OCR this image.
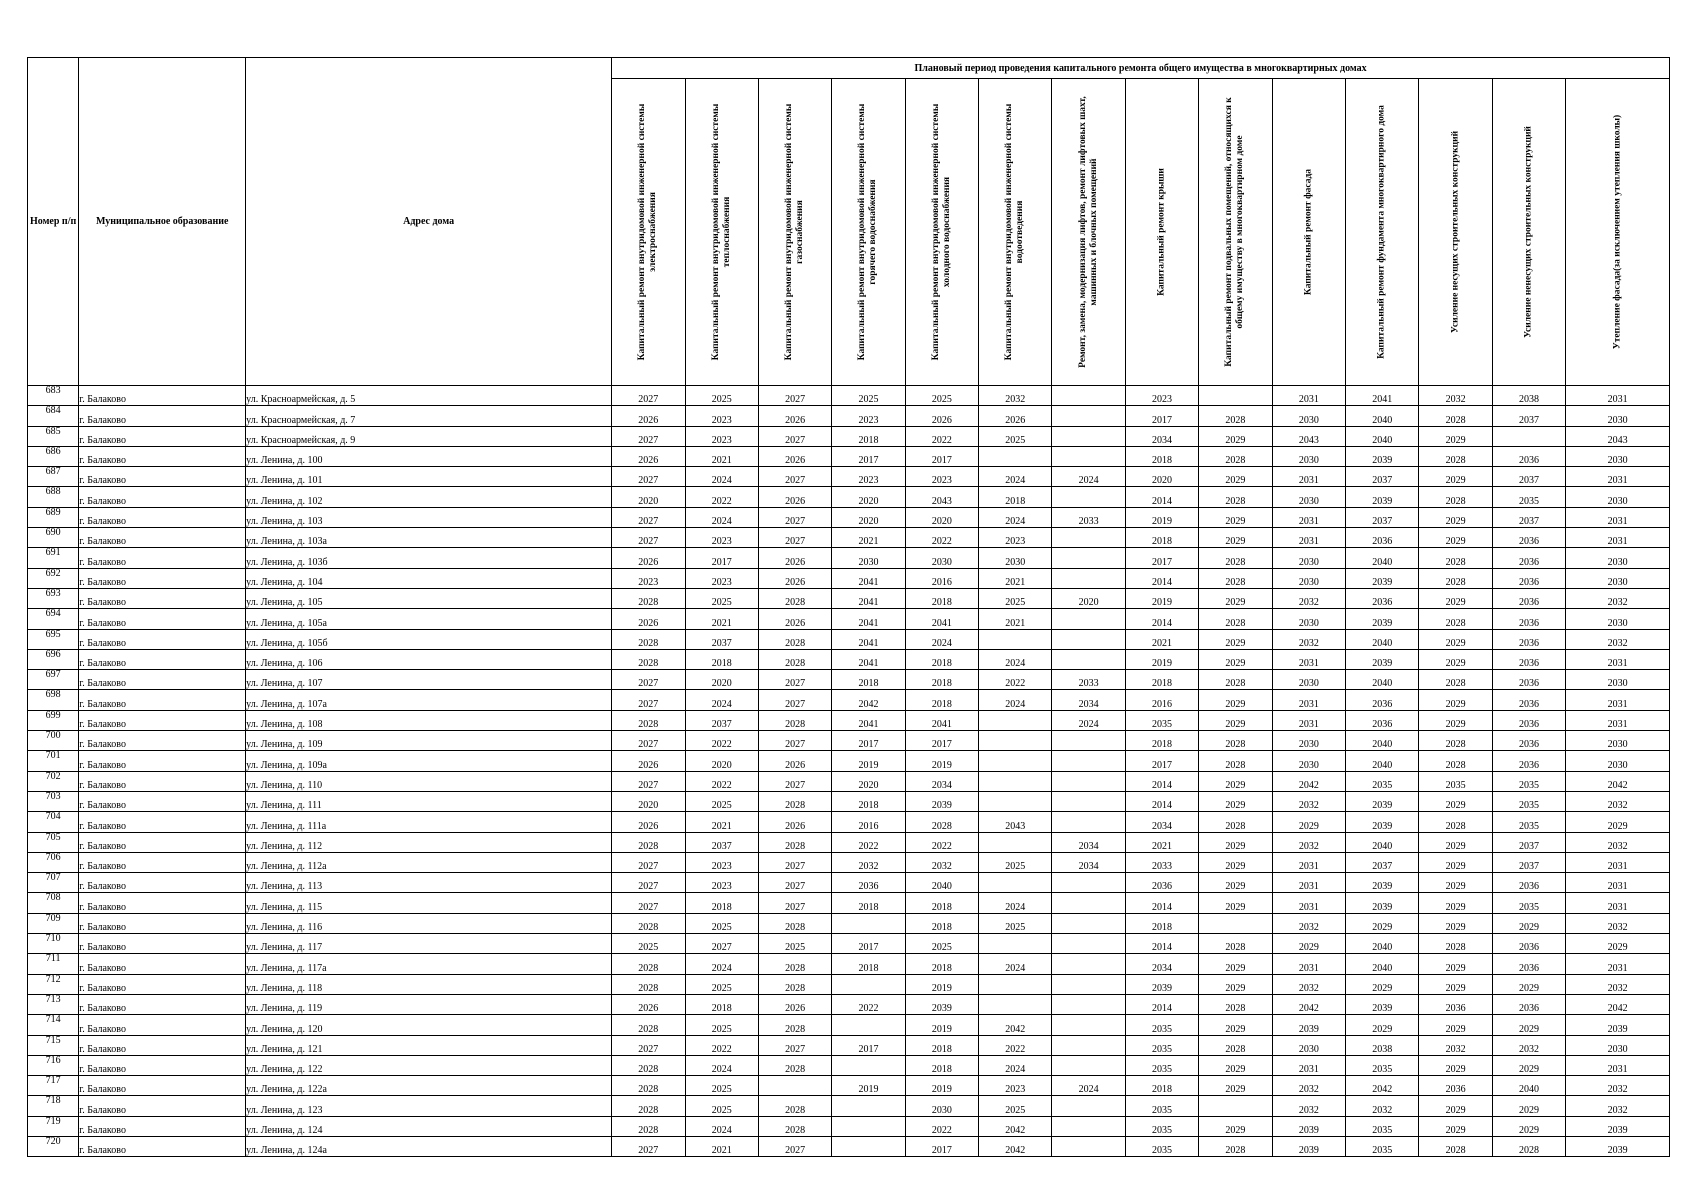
Номер п/п	Муниципальное образование	Адрес дома	Плановый период проведения капитального ремонта общего имущества в многоквартирных домах													

			Капитальный ремонт внутридомовой инженерной системы электроснабжения	Капитальный ремонт внутридомовой инженерной системы теплоснабжения	Капитальный ремонт внутридомовой инженерной системы газоснабжения	Капитальный ремонт внутридомовой инженерной системы горячего водоснабжения	Капитальный ремонт внутридомовой инженерной системы холодного водоснабжения	Капитальный ремонт внутридомовой инженерной системы водоотведения	Ремонт, замена, модернизация лифтов, ремонт лифтовых шахт, машинных и блочных помещений	Капитальный ремонт крыши	Капитальный ремонт подвальных помещений, относящихся к общему имуществу в многоквартирном доме	Капитальный ремонт фасада	Капитальный ремонт фундамента многоквартирного дома	Усиление несущих строительных конструкций	Усиление ненесущих строительных конструкций	Утепление фасада(за исключением утепления школы)

683	г. Балаково	ул. Красноармейская, д. 5	2027	2025	2027	2025	2025	2032		2023		2031	2041	2032	2038	2031
684	г. Балаково	ул. Красноармейская, д. 7	2026	2023	2026	2023	2026	2026		2017	2028	2030	2040	2028	2037	2030
685	г. Балаково	ул. Красноармейская, д. 9	2027	2023	2027	2018	2022	2025		2034	2029	2043	2040	2029		2043
686	г. Балаково	ул. Ленина, д. 100	2026	2021	2026	2017	2017			2018	2028	2030	2039	2028	2036	2030
687	г. Балаково	ул. Ленина, д. 101	2027	2024	2027	2023	2023	2024	2024	2020	2029	2031	2037	2029	2037	2031
688	г. Балаково	ул. Ленина, д. 102	2020	2022	2026	2020	2043	2018		2014	2028	2030	2039	2028	2035	2030
689	г. Балаково	ул. Ленина, д. 103	2027	2024	2027	2020	2020	2024	2033	2019	2029	2031	2037	2029	2037	2031
690	г. Балаково	ул. Ленина, д. 103а	2027	2023	2027	2021	2022	2023		2018	2029	2031	2036	2029	2036	2031
691	г. Балаково	ул. Ленина, д. 103б	2026	2017	2026	2030	2030	2030		2017	2028	2030	2040	2028	2036	2030
692	г. Балаково	ул. Ленина, д. 104	2023	2023	2026	2041	2016	2021		2014	2028	2030	2039	2028	2036	2030
693	г. Балаково	ул. Ленина, д. 105	2028	2025	2028	2041	2018	2025	2020	2019	2029	2032	2036	2029	2036	2032
694	г. Балаково	ул. Ленина, д. 105а	2026	2021	2026	2041	2041	2021		2014	2028	2030	2039	2028	2036	2030
695	г. Балаково	ул. Ленина, д. 105б	2028	2037	2028	2041	2024			2021	2029	2032	2040	2029	2036	2032
696	г. Балаково	ул. Ленина, д. 106	2028	2018	2028	2041	2018	2024		2019	2029	2031	2039	2029	2036	2031
697	г. Балаково	ул. Ленина, д. 107	2027	2020	2027	2018	2018	2022	2033	2018	2028	2030	2040	2028	2036	2030
698	г. Балаково	ул. Ленина, д. 107а	2027	2024	2027	2042	2018	2024	2034	2016	2029	2031	2036	2029	2036	2031
699	г. Балаково	ул. Ленина, д. 108	2028	2037	2028	2041	2041		2024	2035	2029	2031	2036	2029	2036	2031
700	г. Балаково	ул. Ленина, д. 109	2027	2022	2027	2017	2017			2018	2028	2030	2040	2028	2036	2030
701	г. Балаково	ул. Ленина, д. 109а	2026	2020	2026	2019	2019			2017	2028	2030	2040	2028	2036	2030
702	г. Балаково	ул. Ленина, д. 110	2027	2022	2027	2020	2034			2014	2029	2042	2035	2035	2035	2042
703	г. Балаково	ул. Ленина, д. 111	2020	2025	2028	2018	2039			2014	2029	2032	2039	2029	2035	2032
704	г. Балаково	ул. Ленина, д. 111а	2026	2021	2026	2016	2028	2043		2034	2028	2029	2039	2028	2035	2029
705	г. Балаково	ул. Ленина, д. 112	2028	2037	2028	2022	2022		2034	2021	2029	2032	2040	2029	2037	2032
706	г. Балаково	ул. Ленина, д. 112а	2027	2023	2027	2032	2032	2025	2034	2033	2029	2031	2037	2029	2037	2031
707	г. Балаково	ул. Ленина, д. 113	2027	2023	2027	2036	2040			2036	2029	2031	2039	2029	2036	2031
708	г. Балаково	ул. Ленина, д. 115	2027	2018	2027	2018	2018	2024		2014	2029	2031	2039	2029	2035	2031
709	г. Балаково	ул. Ленина, д. 116	2028	2025	2028		2018	2025		2018		2032	2029	2029	2029	2032
710	г. Балаково	ул. Ленина, д. 117	2025	2027	2025	2017	2025			2014	2028	2029	2040	2028	2036	2029
711	г. Балаково	ул. Ленина, д. 117а	2028	2024	2028	2018	2018	2024		2034	2029	2031	2040	2029	2036	2031
712	г. Балаково	ул. Ленина, д. 118	2028	2025	2028		2019			2039	2029	2032	2029	2029	2029	2032
713	г. Балаково	ул. Ленина, д. 119	2026	2018	2026	2022	2039			2014	2028	2042	2039	2036	2036	2042
714	г. Балаково	ул. Ленина, д. 120	2028	2025	2028		2019	2042		2035	2029	2039	2029	2029	2029	2039
715	г. Балаково	ул. Ленина, д. 121	2027	2022	2027	2017	2018	2022		2035	2028	2030	2038	2032	2032	2030
716	г. Балаково	ул. Ленина, д. 122	2028	2024	2028		2018	2024		2035	2029	2031	2035	2029	2029	2031
717	г. Балаково	ул. Ленина, д. 122а	2028	2025		2019	2019	2023	2024	2018	2029	2032	2042	2036	2040	2032
718	г. Балаково	ул. Ленина, д. 123	2028	2025	2028		2030	2025		2035		2032	2032	2029	2029	2032
719	г. Балаково	ул. Ленина, д. 124	2028	2024	2028		2022	2042		2035	2029	2039	2035	2029	2029	2039
720	г. Балаково	ул. Ленина, д. 124а	2027	2021	2027		2017	2042		2035	2028	2039	2035	2028	2028	2039
